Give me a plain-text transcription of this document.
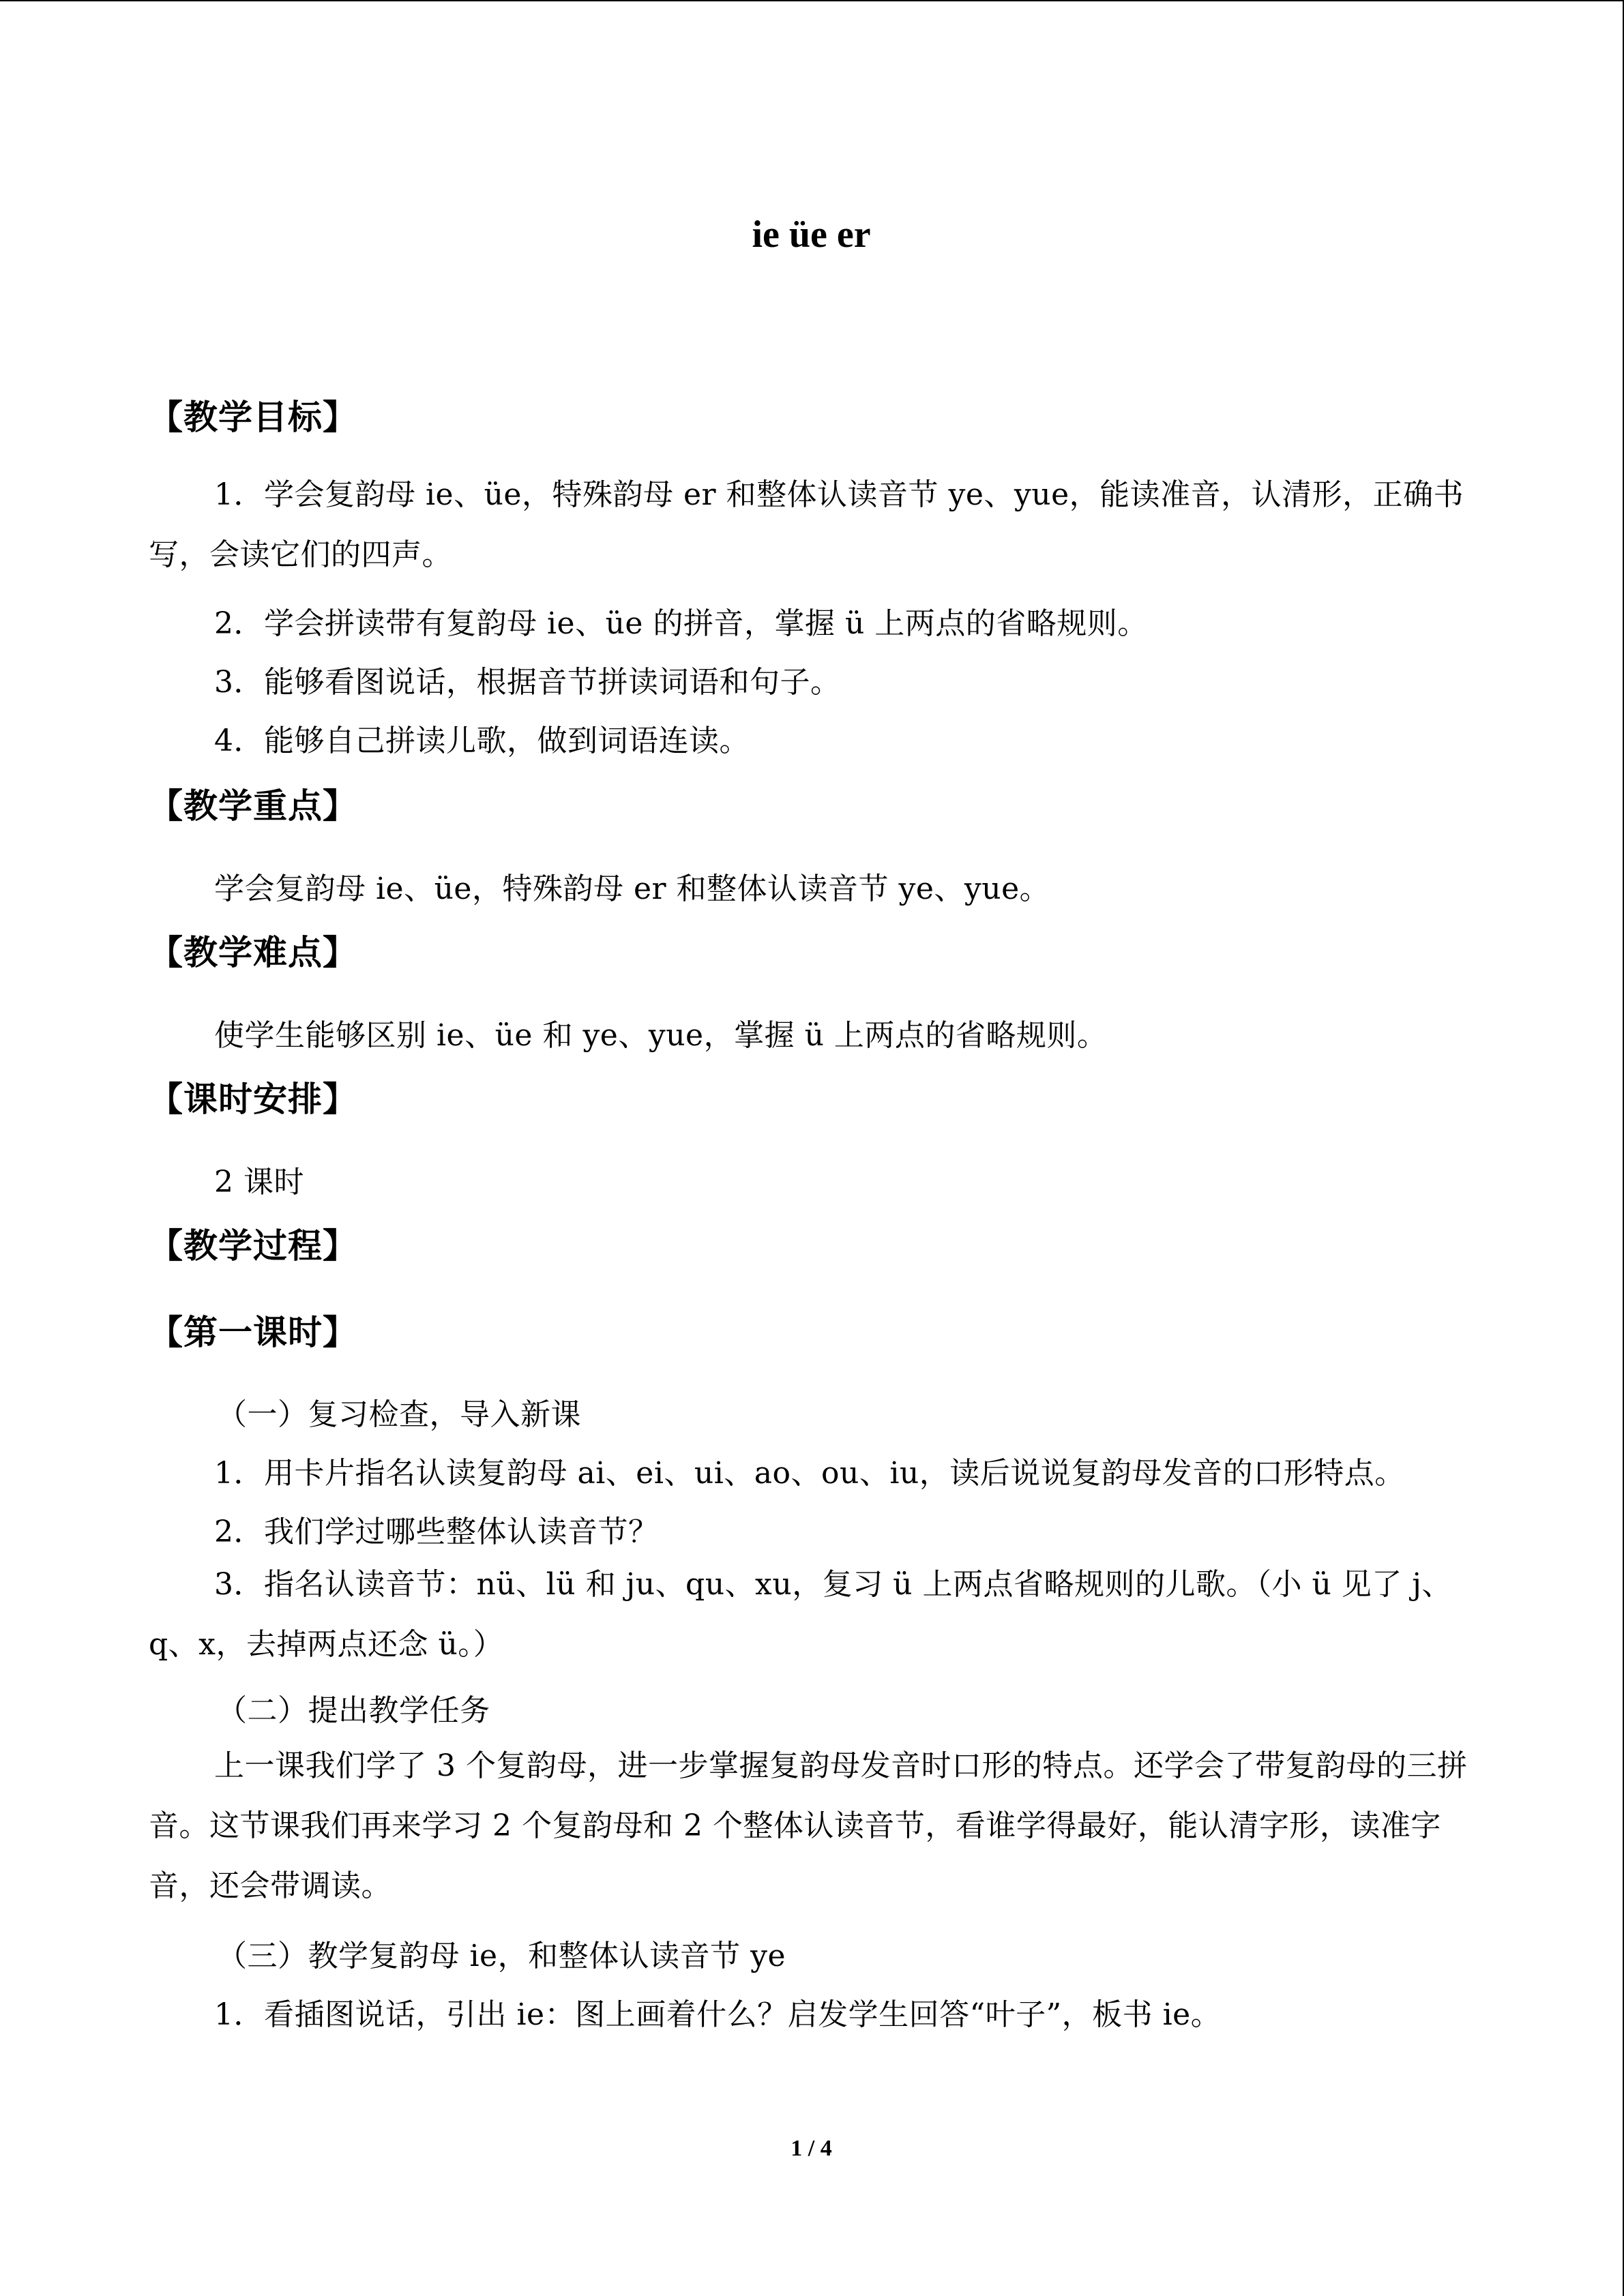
ie üe er
【教学目标】
1．学会复韵母 ie、üe，特殊韵母 er 和整体认读音节 ye、yue，能读准音，认清形，正确书写，会读它们的四声。
2．学会拼读带有复韵母 ie、üe 的拼音，掌握 ü 上两点的省略规则。
3．能够看图说话，根据音节拼读词语和句子。
4．能够自己拼读儿歌，做到词语连读。
【教学重点】
学会复韵母 ie、üe，特殊韵母 er 和整体认读音节 ye、yue。
【教学难点】
使学生能够区别 ie、üe 和 ye、yue，掌握 ü 上两点的省略规则。
【课时安排】
2 课时
【教学过程】
【第一课时】
（一）复习检查，导入新课
1．用卡片指名认读复韵母 ai、ei、ui、ao、ou、iu，读后说说复韵母发音的口形特点。
2．我们学过哪些整体认读音节？
3．指名认读音节：nü、lü 和 ju、qu、xu，复习 ü 上两点省略规则的儿歌。（小 ü 见了 j、q、x，去掉两点还念 ü。）
（二）提出教学任务
上一课我们学了 3 个复韵母，进一步掌握复韵母发音时口形的特点。还学会了带复韵母的三拼音。这节课我们再来学习 2 个复韵母和 2 个整体认读音节，看谁学得最好，能认清字形，读准字音，还会带调读。
（三）教学复韵母 ie，和整体认读音节 ye
1．看插图说话，引出 ie：图上画着什么？启发学生回答“叶子”，板书 ie。
1 / 4
